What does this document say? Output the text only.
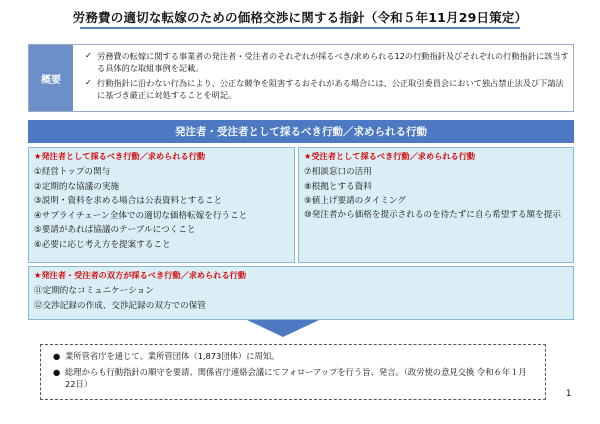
労務費の適切な転嫁のための価格交渉に関する指針（令和５年11月29日策定）
概要
✓ 労務費の転嫁に関する事業者の発注者・受注者のそれぞれが採るべき/求められる12の行動指針及びそれぞれの行動指針に該当する具体的な取組事例を記載。
✓ 行動指針に沿わない行為により、公正な競争を阻害するおそれがある場合には、公正取引委員会において独占禁止法及び下請法に基づき厳正に対処することを明記。
発注者・受注者として採るべき行動／求められる行動
★発注者として採るべき行動／求められる行動
①経営トップの関与
②定期的な協議の実施
③説明・資料を求める場合は公表資料とすること
④サプライチェーン全体での適切な価格転嫁を行うこと
⑤要請があれば協議のテーブルにつくこと
⑥必要に応じ考え方を提案すること
★受注者として採るべき行動／求められる行動
⑦相談窓口の活用
⑧根拠とする資料
⑨値上げ要請のタイミング
⑩発注者から価格を提示されるのを待たずに自ら希望する額を提示
★発注者・受注者の双方が採るべき行動／求められる行動
⑪定期的なコミュニケーション
⑫交渉記録の作成、交渉記録の双方での保管
● 業所管省庁を通じて、業所管団体（1,873団体）に周知。
● 総理からも行動指針の順守を要請、関係省庁連絡会議にてフォローアップを行う旨、発言。（政労使の意見交換 令和６年１月22日）
1
